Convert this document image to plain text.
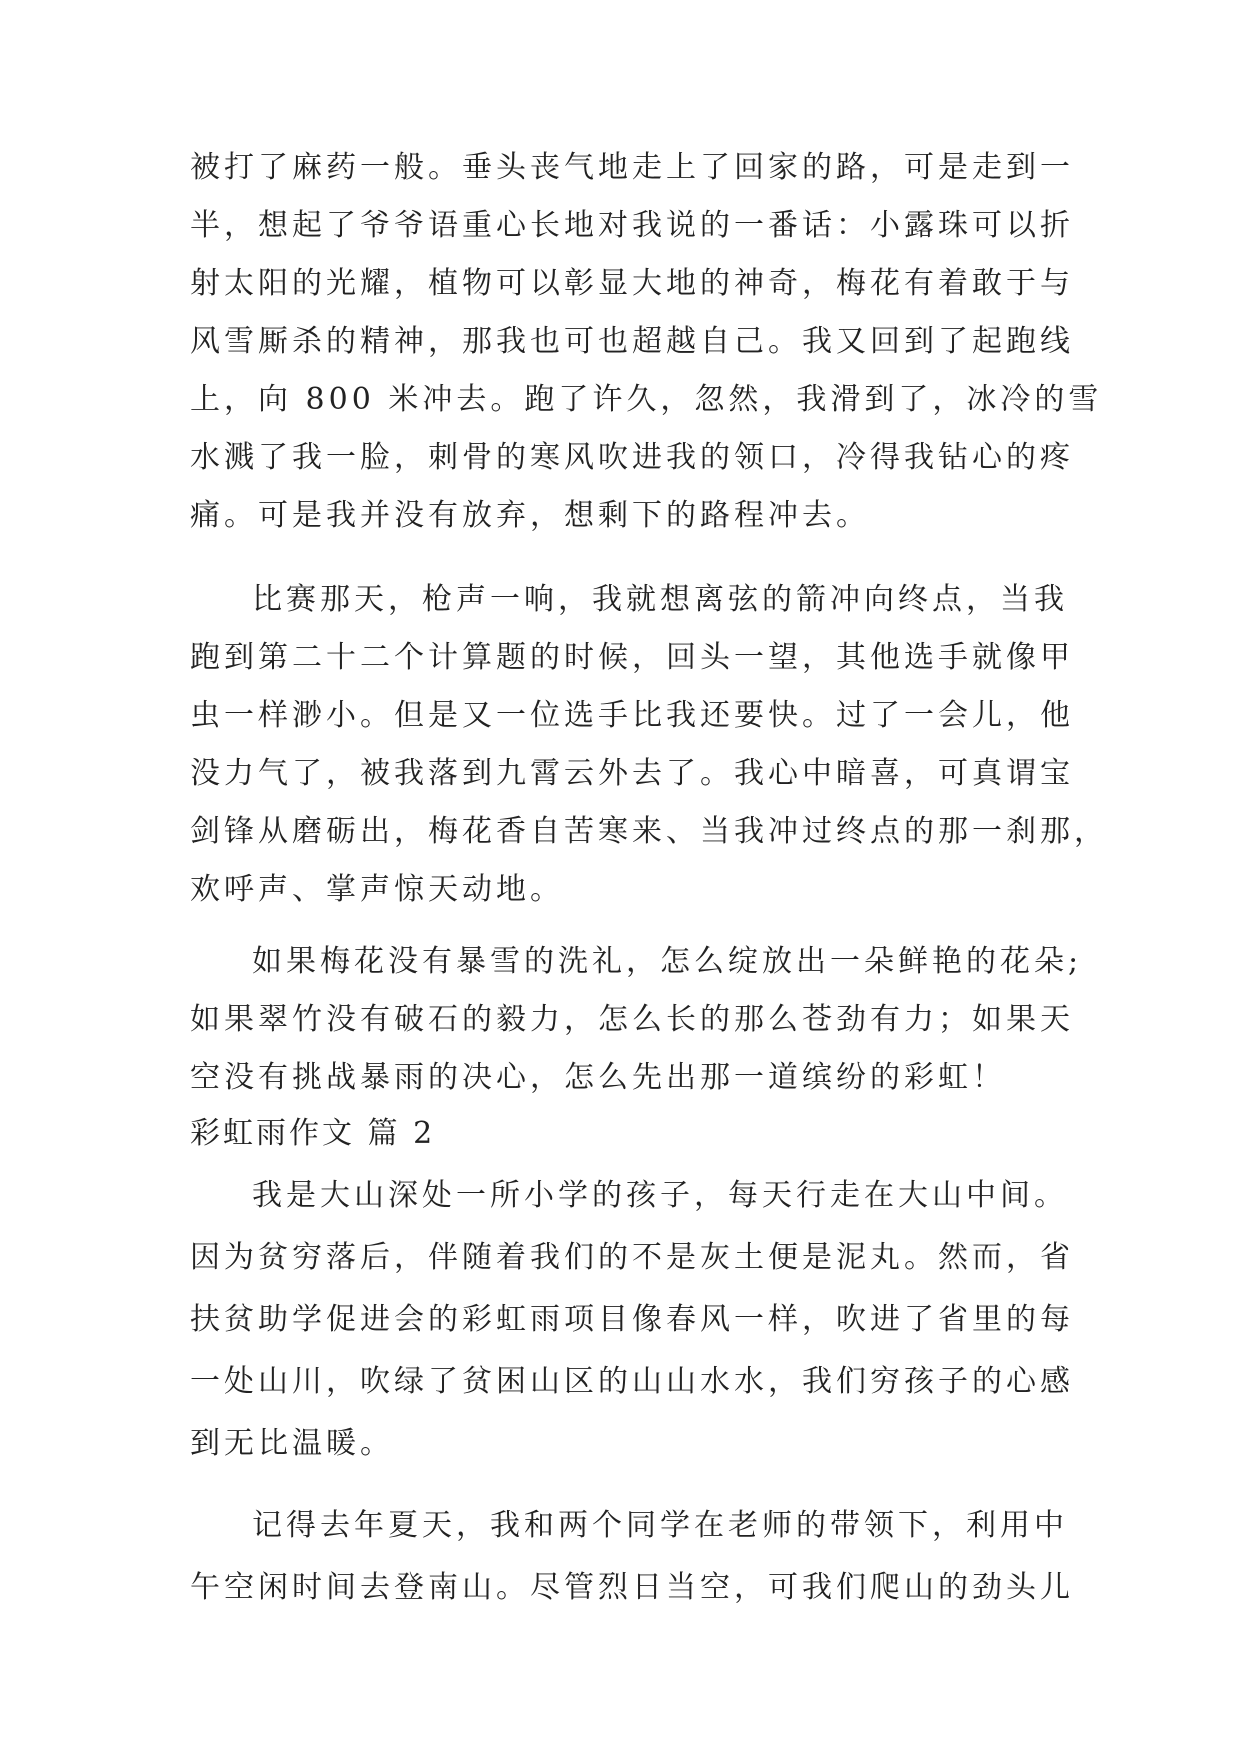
被打了麻药一般。垂头丧气地走上了回家的路，可是走到一
半，想起了爷爷语重心长地对我说的一番话：小露珠可以折
射太阳的光耀，植物可以彰显大地的神奇，梅花有着敢于与
风雪厮杀的精神，那我也可也超越自己。我又回到了起跑线
上，向 800 米冲去。跑了许久，忽然，我滑到了，冰冷的雪
水溅了我一脸，刺骨的寒风吹进我的领口，冷得我钻心的疼
痛。可是我并没有放弃，想剩下的路程冲去。
比赛那天，枪声一响，我就想离弦的箭冲向终点，当我
跑到第二十二个计算题的时候，回头一望，其他选手就像甲
虫一样渺小。但是又一位选手比我还要快。过了一会儿，他
没力气了，被我落到九霄云外去了。我心中暗喜，可真谓宝
剑锋从磨砺出，梅花香自苦寒来、当我冲过终点的那一刹那，
欢呼声、掌声惊天动地。
如果梅花没有暴雪的洗礼，怎么绽放出一朵鲜艳的花朵;
如果翠竹没有破石的毅力，怎么长的那么苍劲有力；如果天
空没有挑战暴雨的决心，怎么先出那一道缤纷的彩虹！
彩虹雨作文 篇 2
我是大山深处一所小学的孩子，每天行走在大山中间。
因为贫穷落后，伴随着我们的不是灰土便是泥丸。然而，省
扶贫助学促进会的彩虹雨项目像春风一样，吹进了省里的每
一处山川，吹绿了贫困山区的山山水水，我们穷孩子的心感
到无比温暖。
记得去年夏天，我和两个同学在老师的带领下，利用中
午空闲时间去登南山。尽管烈日当空，可我们爬山的劲头儿
